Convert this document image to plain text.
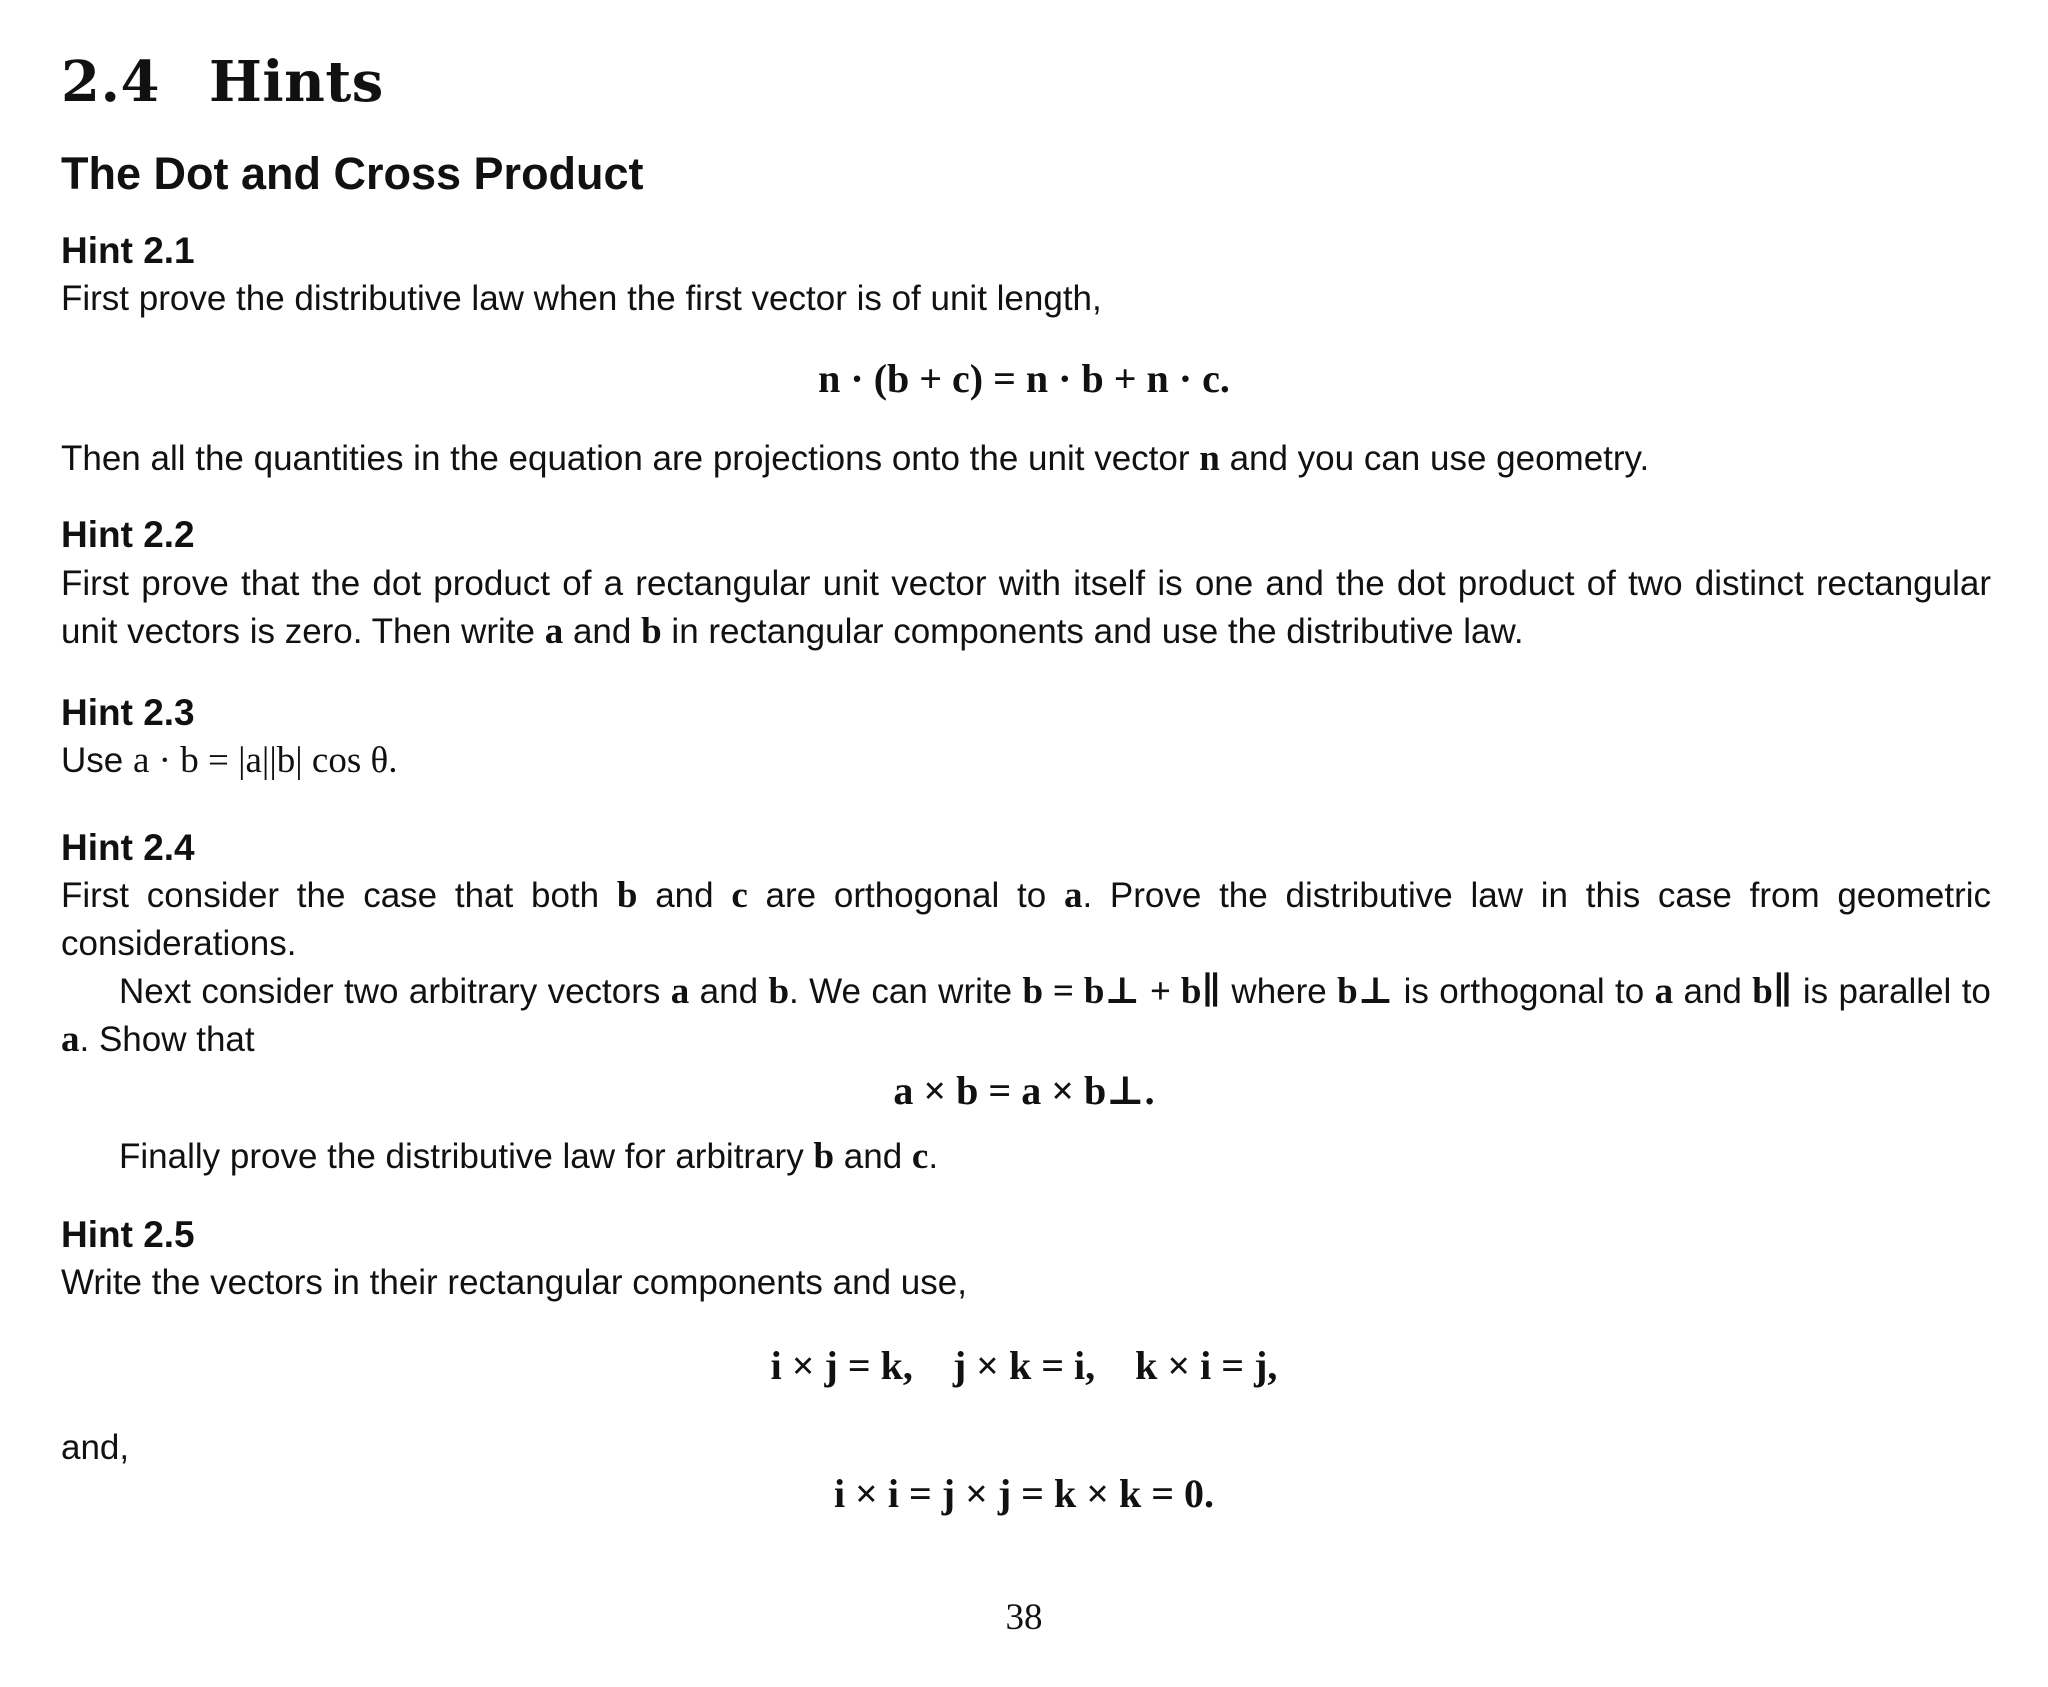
2.4 Hints
The Dot and Cross Product
Hint 2.1
First prove the distributive law when the first vector is of unit length,
n · (b + c) = n · b + n · c.
Then all the quantities in the equation are projections onto the unit vector n and you can use geometry.
Hint 2.2
First prove that the dot product of a rectangular unit vector with itself is one and the dot product of two distinct rectangular unit vectors is zero. Then write a and b in rectangular components and use the distributive law.
Hint 2.3
Use a · b = |a||b| cos θ.
Hint 2.4
First consider the case that both b and c are orthogonal to a. Prove the distributive law in this case from geometric considerations.
Next consider two arbitrary vectors a and b. We can write b = b⊥ + b∥ where b⊥ is orthogonal to a and b∥ is parallel to a. Show that
a × b = a × b⊥.
Finally prove the distributive law for arbitrary b and c.
Hint 2.5
Write the vectors in their rectangular components and use,
i × j = k, j × k = i, k × i = j,
and,
i × i = j × j = k × k = 0.
38
